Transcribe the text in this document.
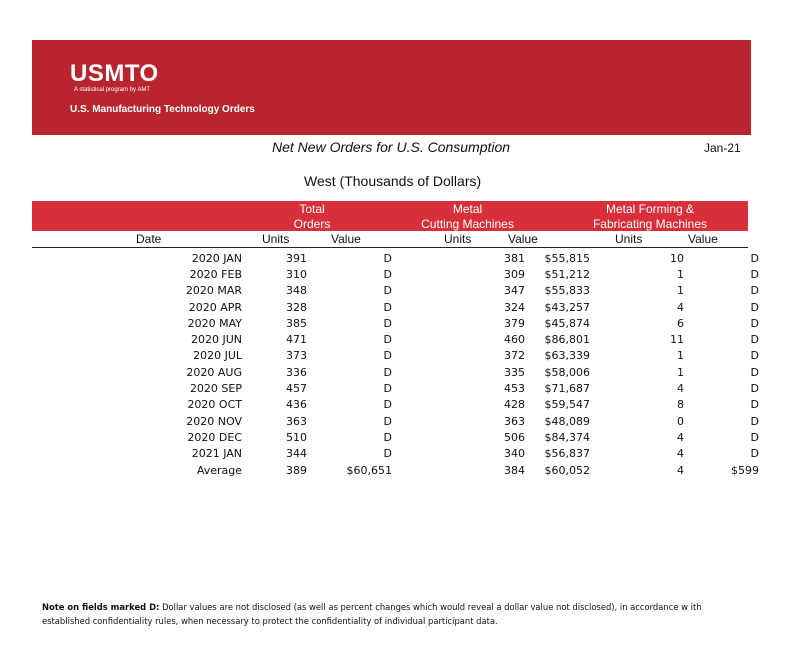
USMTO
A statistical program by AMT
U.S. Manufacturing Technology Orders
Net New Orders for U.S. Consumption	Jan-21
West (Thousands of Dollars)
Total
Orders
Metal
Cutting Machines
Metal Forming &
Fabricating Machines
Date	Units	Value	Units	Value	Units	Value
2020 JAN	391	D	381	$55,815	10	D
2020 FEB	310	D	309	$51,212	1	D
2020 MAR	348	D	347	$55,833	1	D
2020 APR	328	D	324	$43,257	4	D
2020 MAY	385	D	379	$45,874	6	D
2020 JUN	471	D	460	$86,801	11	D
2020 JUL	373	D	372	$63,339	1	D
2020 AUG	336	D	335	$58,006	1	D
2020 SEP	457	D	453	$71,687	4	D
2020 OCT	436	D	428	$59,547	8	D
2020 NOV	363	D	363	$48,089	0	D
2020 DEC	510	D	506	$84,374	4	D
2021 JAN	344	D	340	$56,837	4	D
Average	389	$60,651	384	$60,052	4	$599
Note on fields marked D: Dollar values are not disclosed (as well as percent changes which would reveal a dollar value not disclosed), in accordance w ith established confidentiality rules, when necessary to protect the confidentiality of individual participant data.
